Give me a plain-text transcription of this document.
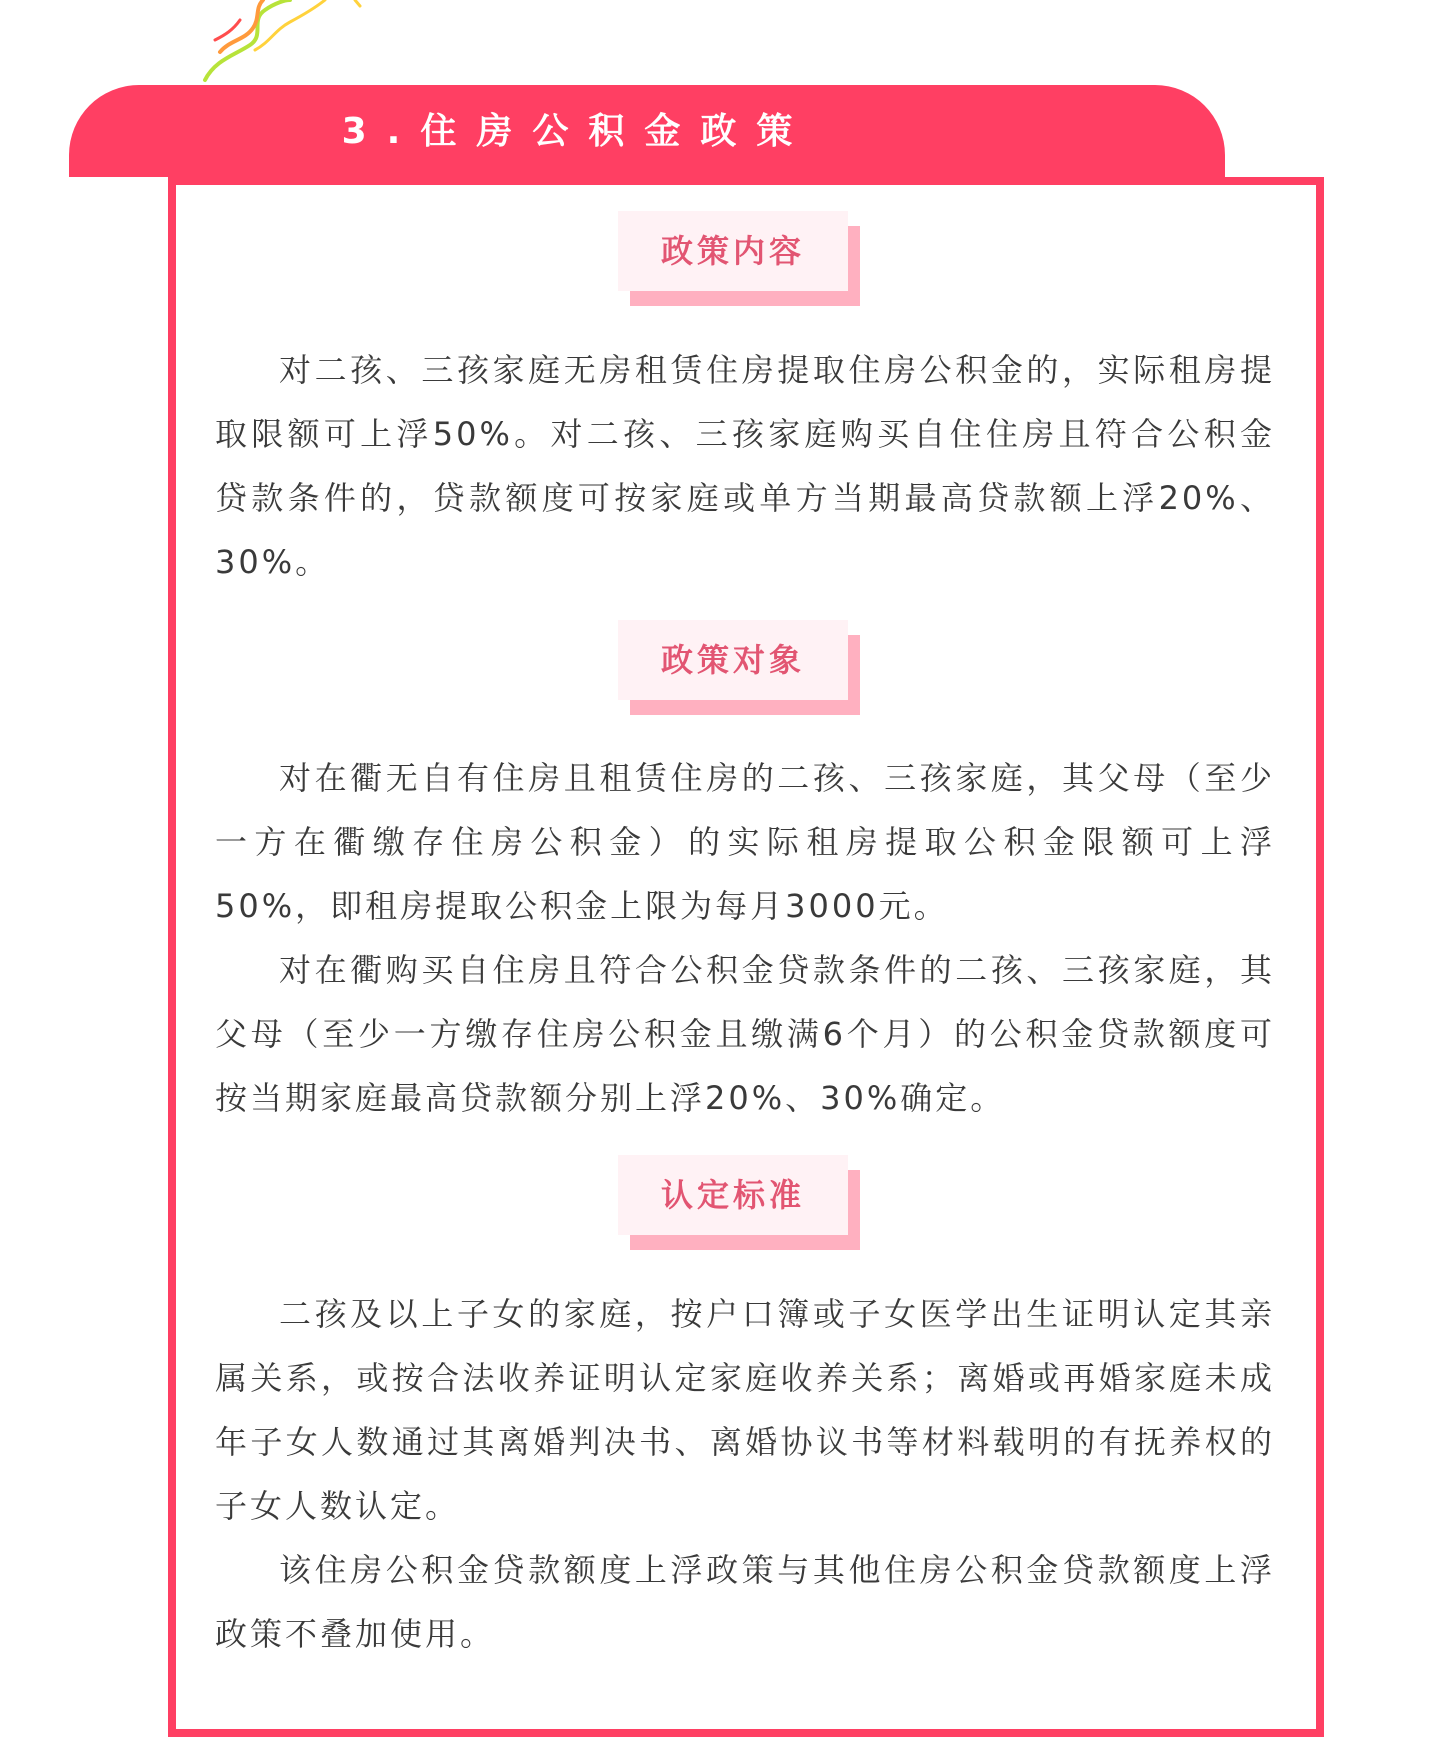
3.住房公积金政策
政策内容

对二孩、三孩家庭无房租赁住房提取住房公积金的，实际租房提取限额可上浮50%。对二孩、三孩家庭购买自住住房且符合公积金贷款条件的，贷款额度可按家庭或单方当期最高贷款额上浮20%、30%。

政策对象

对在衢无自有住房且租赁住房的二孩、三孩家庭，其父母（至少一方在衢缴存住房公积金）的实际租房提取公积金限额可上浮50%，即租房提取公积金上限为每月3000元。

对在衢购买自住房且符合公积金贷款条件的二孩、三孩家庭，其父母（至少一方缴存住房公积金且缴满6个月）的公积金贷款额度可按当期家庭最高贷款额分别上浮20%、30%确定。

认定标准

二孩及以上子女的家庭，按户口簿或子女医学出生证明认定其亲属关系，或按合法收养证明认定家庭收养关系；离婚或再婚家庭未成年子女人数通过其离婚判决书、离婚协议书等材料载明的有抚养权的子女人数认定。

该住房公积金贷款额度上浮政策与其他住房公积金贷款额度上浮政策不叠加使用。
